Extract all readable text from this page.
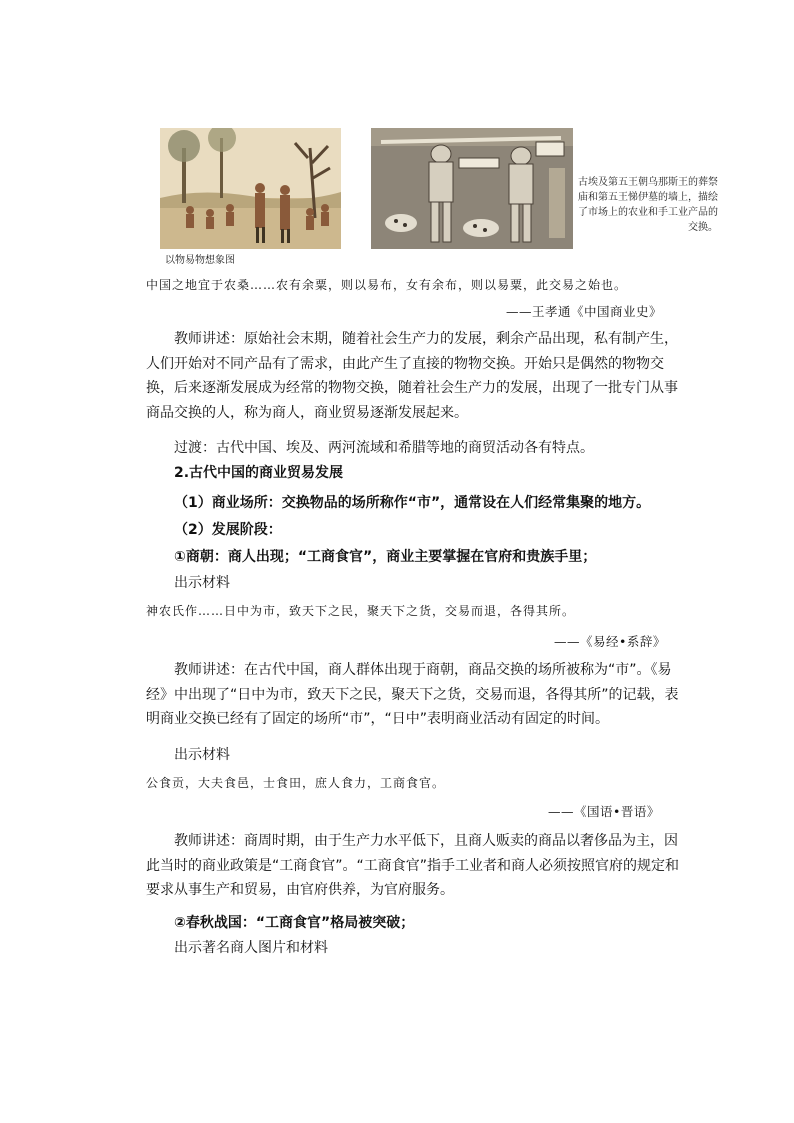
以物易物想象图
古埃及第五王朝乌那斯王的葬祭庙和第五王悌伊墓的墙上，描绘了市场上的农业和手工业产品的交换。
中国之地宜于农桑……农有余粟，则以易布，女有余布，则以易粟，此交易之始也。
——王孝通《中国商业史》
教师讲述：原始社会末期，随着社会生产力的发展，剩余产品出现，私有制产生，人们开始对不同产品有了需求，由此产生了直接的物物交换。开始只是偶然的物物交换，后来逐渐发展成为经常的物物交换，随着社会生产力的发展，出现了一批专门从事商品交换的人，称为商人，商业贸易逐渐发展起来。
过渡：古代中国、埃及、两河流域和希腊等地的商贸活动各有特点。
2.古代中国的商业贸易发展
（1）商业场所：交换物品的场所称作“市”，通常设在人们经常集聚的地方。
（2）发展阶段：
①商朝：商人出现；“工商食官”，商业主要掌握在官府和贵族手里；
出示材料
神农氏作……日中为市，致天下之民，聚天下之货，交易而退，各得其所。
——《易经•系辞》
教师讲述：在古代中国，商人群体出现于商朝，商品交换的场所被称为“市”。《易经》中出现了“日中为市，致天下之民，聚天下之货，交易而退，各得其所”的记载，表明商业交换已经有了固定的场所“市”，“日中”表明商业活动有固定的时间。
出示材料
公食贡，大夫食邑，士食田，庶人食力，工商食官。
——《国语•晋语》
教师讲述：商周时期，由于生产力水平低下，且商人贩卖的商品以奢侈品为主，因此当时的商业政策是“工商食官”。“工商食官”指手工业者和商人必须按照官府的规定和要求从事生产和贸易，由官府供养，为官府服务。
②春秋战国：“工商食官”格局被突破；
出示著名商人图片和材料
